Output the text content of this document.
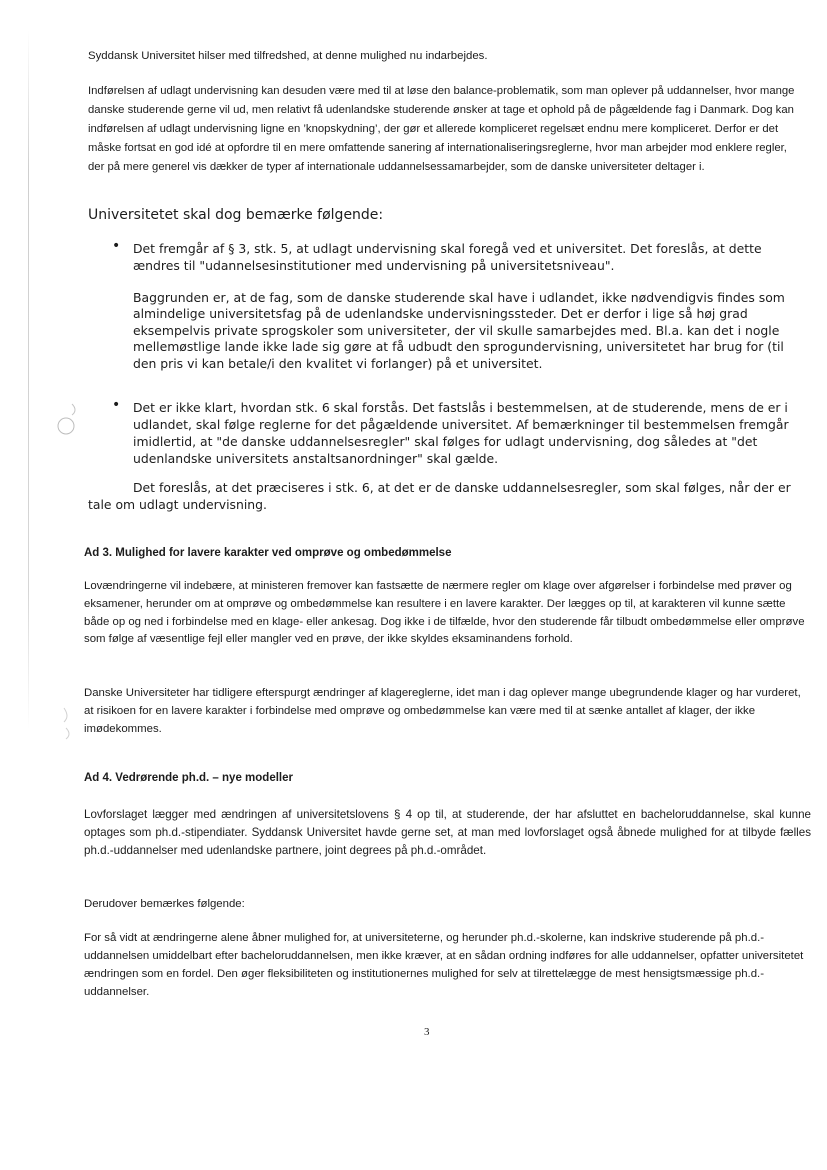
Syddansk Universitet hilser med tilfredshed, at denne mulighed nu indarbejdes.

Indførelsen af udlagt undervisning kan desuden være med til at løse den balance-problematik, som man oplever på uddannelser, hvor mange danske studerende gerne vil ud, men relativt få udenlandske studerende ønsker at tage et ophold på de pågældende fag i Danmark. Dog kan indførelsen af udlagt undervisning ligne en ’knopskydning’, der gør et allerede kompliceret regelsæt endnu mere kompliceret. Derfor er det måske fortsat en god idé at opfordre til en mere omfattende sanering af internationaliseringsreglerne, hvor man arbejder mod enklere regler, der på mere generel vis dækker de typer af internationale uddannelsessamarbejder, som de danske universiteter deltager i.

Universitetet skal dog bemærke følgende:

• Det fremgår af § 3, stk. 5, at udlagt undervisning skal foregå ved et universitet. Det foreslås, at dette ændres til "udannelsesinstitutioner med undervisning på universitetsniveau".

Baggrunden er, at de fag, som de danske studerende skal have i udlandet, ikke nødvendigvis findes som almindelige universitetsfag på de udenlandske undervisningssteder. Det er derfor i lige så høj grad eksempelvis private sprogskoler som universiteter, der vil skulle samarbejdes med. Bl.a. kan det i nogle mellemøstlige lande ikke lade sig gøre at få udbudt den sprogundervisning, universitetet har brug for (til den pris vi kan betale/i den kvalitet vi forlanger) på et universitet.

• Det er ikke klart, hvordan stk. 6 skal forstås. Det fastslås i bestemmelsen, at de studerende, mens de er i udlandet, skal følge reglerne for det pågældende universitet. Af bemærkninger til bestemmelsen fremgår imidlertid, at "de danske uddannelsesregler" skal følges for udlagt undervisning, dog således at "det udenlandske universitets anstaltsanordninger" skal gælde.

Det foreslås, at det præciseres i stk. 6, at det er de danske uddannelsesregler, som skal følges, når der er tale om udlagt undervisning.

Ad 3. Mulighed for lavere karakter ved omprøve og ombedømmelse

Lovændringerne vil indebære, at ministeren fremover kan fastsætte de nærmere regler om klage over afgørelser i forbindelse med prøver og eksamener, herunder om at omprøve og ombedømmelse kan resultere i en lavere karakter. Der lægges op til, at karakteren vil kunne sætte både op og ned i forbindelse med en klage- eller ankesag. Dog ikke i de tilfælde, hvor den studerende får tilbudt ombedømmelse eller omprøve som følge af væsentlige fejl eller mangler ved en prøve, der ikke skyldes eksaminandens forhold.

Danske Universiteter har tidligere efterspurgt ændringer af klagereglerne, idet man i dag oplever mange ubegrundende klager og har vurderet, at risikoen for en lavere karakter i forbindelse med omprøve og ombedømmelse kan være med til at sænke antallet af klager, der ikke imødekommes.

Ad 4. Vedrørende ph.d. – nye modeller

Lovforslaget lægger med ændringen af universitetslovens § 4 op til, at studerende, der har afsluttet en bacheloruddannelse, skal kunne optages som ph.d.-stipendiater. Syddansk Universitet havde gerne set, at man med lovforslaget også åbnede mulighed for at tilbyde fælles ph.d.-uddannelser med udenlandske partnere, joint degrees på ph.d.-området.

Derudover bemærkes følgende:

For så vidt at ændringerne alene åbner mulighed for, at universiteterne, og herunder ph.d.-skolerne, kan indskrive studerende på ph.d.-uddannelsen umiddelbart efter bacheloruddannelsen, men ikke kræver, at en sådan ordning indføres for alle uddannelser, opfatter universitetet ændringen som en fordel. Den øger fleksibiliteten og institutionernes mulighed for selv at tilrettelægge de mest hensigtsmæssige ph.d.-uddannelser.

3
